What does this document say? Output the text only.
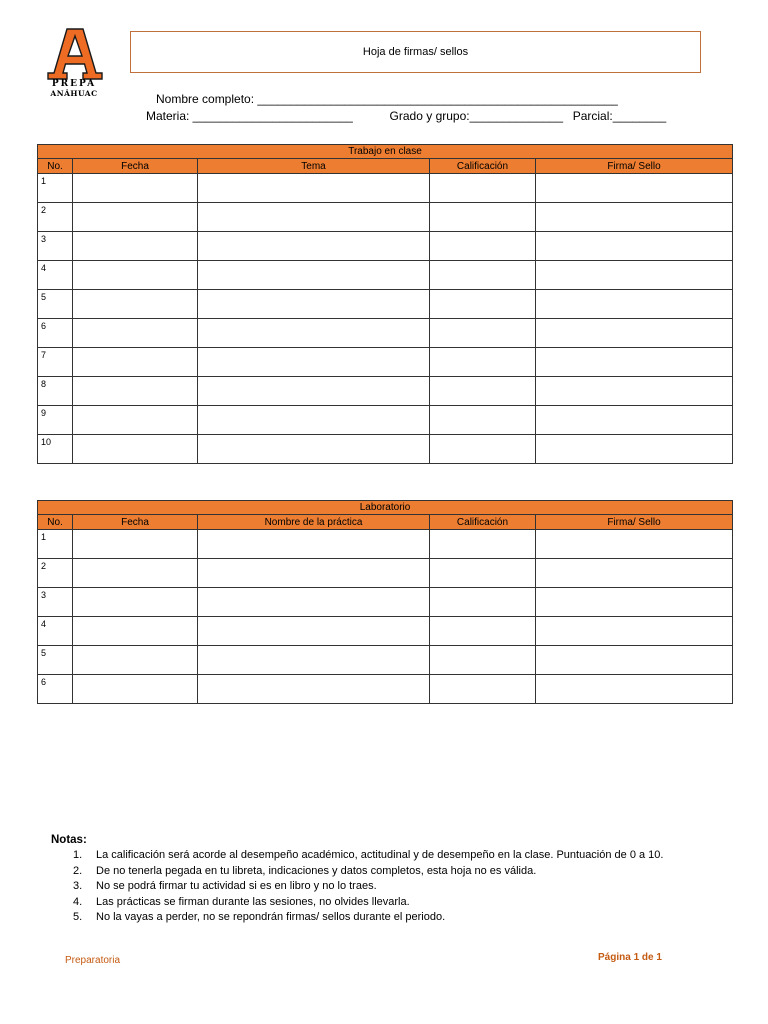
PREPA
ANÁHUAC
Hoja de firmas/ sellos
Nombre completo: ______________________________________________________
Materia: ________________________	Grado y grupo:______________ Parcial:________
Trabajo en clase				
No.	Fecha	Tema	Calificación	Firma/ Sello
1				
2				
3				
4				
5				
6				
7				
8				
9				
10				
Laboratorio				
No.	Fecha	Nombre de la práctica	Calificación	Firma/ Sello
1				
2				
3				
4				
5				
6				
Notas:
1. La calificación será acorde al desempeño académico, actitudinal y de desempeño en la clase. Puntuación de 0 a 10.
2. De no tenerla pegada en tu libreta, indicaciones y datos completos, esta hoja no es válida.
3. No se podrá firmar tu actividad si es en libro y no lo traes.
4. Las prácticas se firman durante las sesiones, no olvides llevarla.
5. No la vayas a perder, no se repondrán firmas/ sellos durante el periodo.
Preparatoria	Página 1 de 1
